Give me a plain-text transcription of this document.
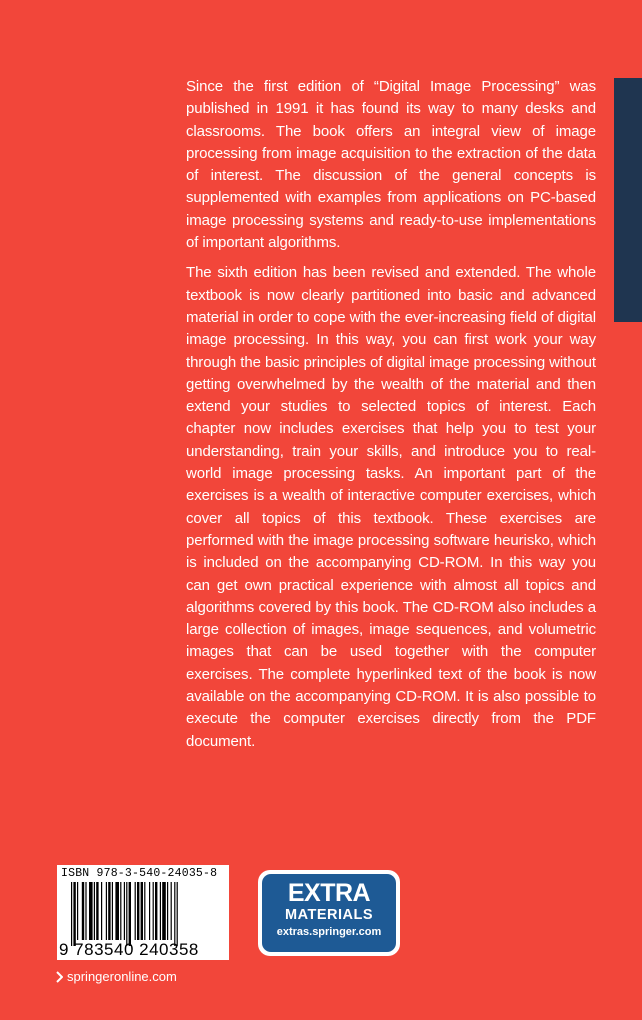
Since the first edition of “Digital Image Processing” was published in 1991 it has found its way to many desks and classrooms. The book offers an integral view of image processing from image acquisition to the extraction of the data of interest. The discussion of the general concepts is supplemented with examples from applications on PC-based image processing systems and ready-to-use implementations of important algorithms.

The sixth edition has been revised and extended. The whole textbook is now clearly partitioned into basic and advanced material in order to cope with the ever-increasing field of digital image processing. In this way, you can first work your way through the basic principles of digital image processing without getting overwhelmed by the wealth of the material and then extend your studies to selected topics of interest. Each chapter now includes exercises that help you to test your understanding, train your skills, and introduce you to real-world image processing tasks. An important part of the exercises is a wealth of interactive computer exercises, which cover all topics of this textbook. These exercises are performed with the image processing software heurisko, which is included on the accompanying CD-ROM. In this way you can get own practical experience with almost all topics and algorithms covered by this book. The CD-ROM also includes a large collection of images, image sequences, and volumetric images that can be used together with the computer exercises. The complete hyperlinked text of the book is now available on the accompanying CD-ROM. It is also possible to execute the computer exercises directly from the PDF document.

ISBN 978-3-540-24035-8
9 783540 240358
EXTRA
MATERIALS
extras.springer.com
springeronline.com
